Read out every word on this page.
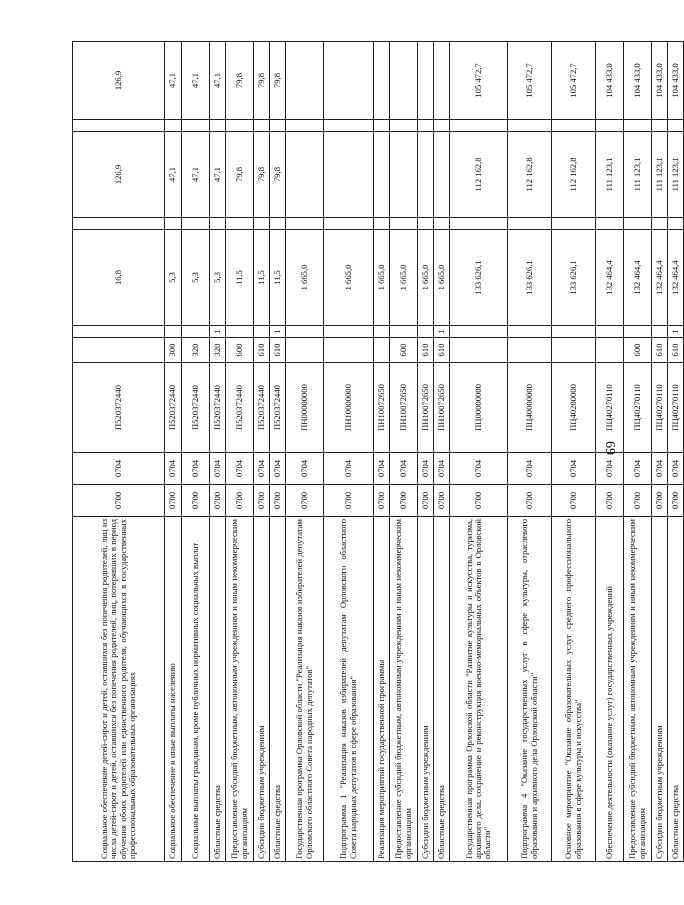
69
Социальное обеспечение детей-сирот и детей, оставшихся без попечения родителей, лиц из числа детей-сирот и детей, оставшихся без попечения родителей, лиц, потерявших в период обучения обоих родителей или единственного родителя, обучающихся в государственных профессиональных образовательных организациях	0700	0704	П520372440			16,8		126,9		126,9
Социальное обеспечение и иные выплаты населению	0700	0704	П520372440	300		5,3		47,1		47,1
Социальные выплаты гражданам, кроме публичных нормативных социальных выплат	0700	0704	П520372440	320		5,3		47,1		47,1
Областные средства	0700	0704	П520372440	320	1	5,3		47,1		47,1
Предоставление субсидий бюджетным, автономным учреждениям и иным некоммерческим организациям	0700	0704	П520372440	600		11,5		79,8		79,8
Субсидии бюджетным учреждениям	0700	0704	П520372440	610		11,5		79,8		79,8
Областные средства	0700	0704	П520372440	610	1	11,5		79,8		79,8
Государственная программа Орловской области "Реализация наказов избирателей депутатам Орловского областного Совета народных депутатов"	0700	0704	ПН00000000			1 665,0				
Подпрограмма 1 "Реализация наказов избирателей депутатам Орловского областного Совета народных депутатов в сфере образования"	0700	0704	ПН10000000			1 665,0				
Реализация мероприятий государственной программы	0700	0704	ПН10072650			1 665,0				
Предоставление субсидий бюджетным, автономным учреждениям и иным некоммерческим организациям	0700	0704	ПН10072650	600		1 665,0				
Субсидии бюджетным учреждениям	0700	0704	ПН10072650	610		1 665,0				
Областные средства	0700	0704	ПН10072650	610	1	1 665,0				
Государственная программа Орловской области "Развитие культуры и искусства, туризма, архивного дела, сохранение и реконструкция военно-мемориальных объектов в Орловской области"	0700	0704	ПЦ00000000			133 626,1		112 162,8		105 472,7
Подпрограмма 4 "Оказание государственных услуг в сфере культуры, отраслевого образования и архивного дела Орловской области"	0700	0704	ПЦ40000000			133 626,1		112 162,8		105 472,7
Основное мероприятие "Оказание образовательных услуг среднего профессионального образования в сфере культуры и искусства"	0700	0704	ПЦ40200000			133 626,1		112 162,8		105 472,7
Обеспечение деятельности (оказание услуг) государственных учреждений	0700	0704	ПЦ40270110			132 464,4		111 123,1		104 433,0
Предоставление субсидий бюджетным, автономным учреждениям и иным некоммерческим организациям	0700	0704	ПЦ40270110	600		132 464,4		111 123,1		104 433,0
Субсидии бюджетным учреждениям	0700	0704	ПЦ40270110	610		132 464,4		111 123,1		104 433,0
Областные средства	0700	0704	ПЦ40270110	610	1	132 464,4		111 123,1		104 433,0
